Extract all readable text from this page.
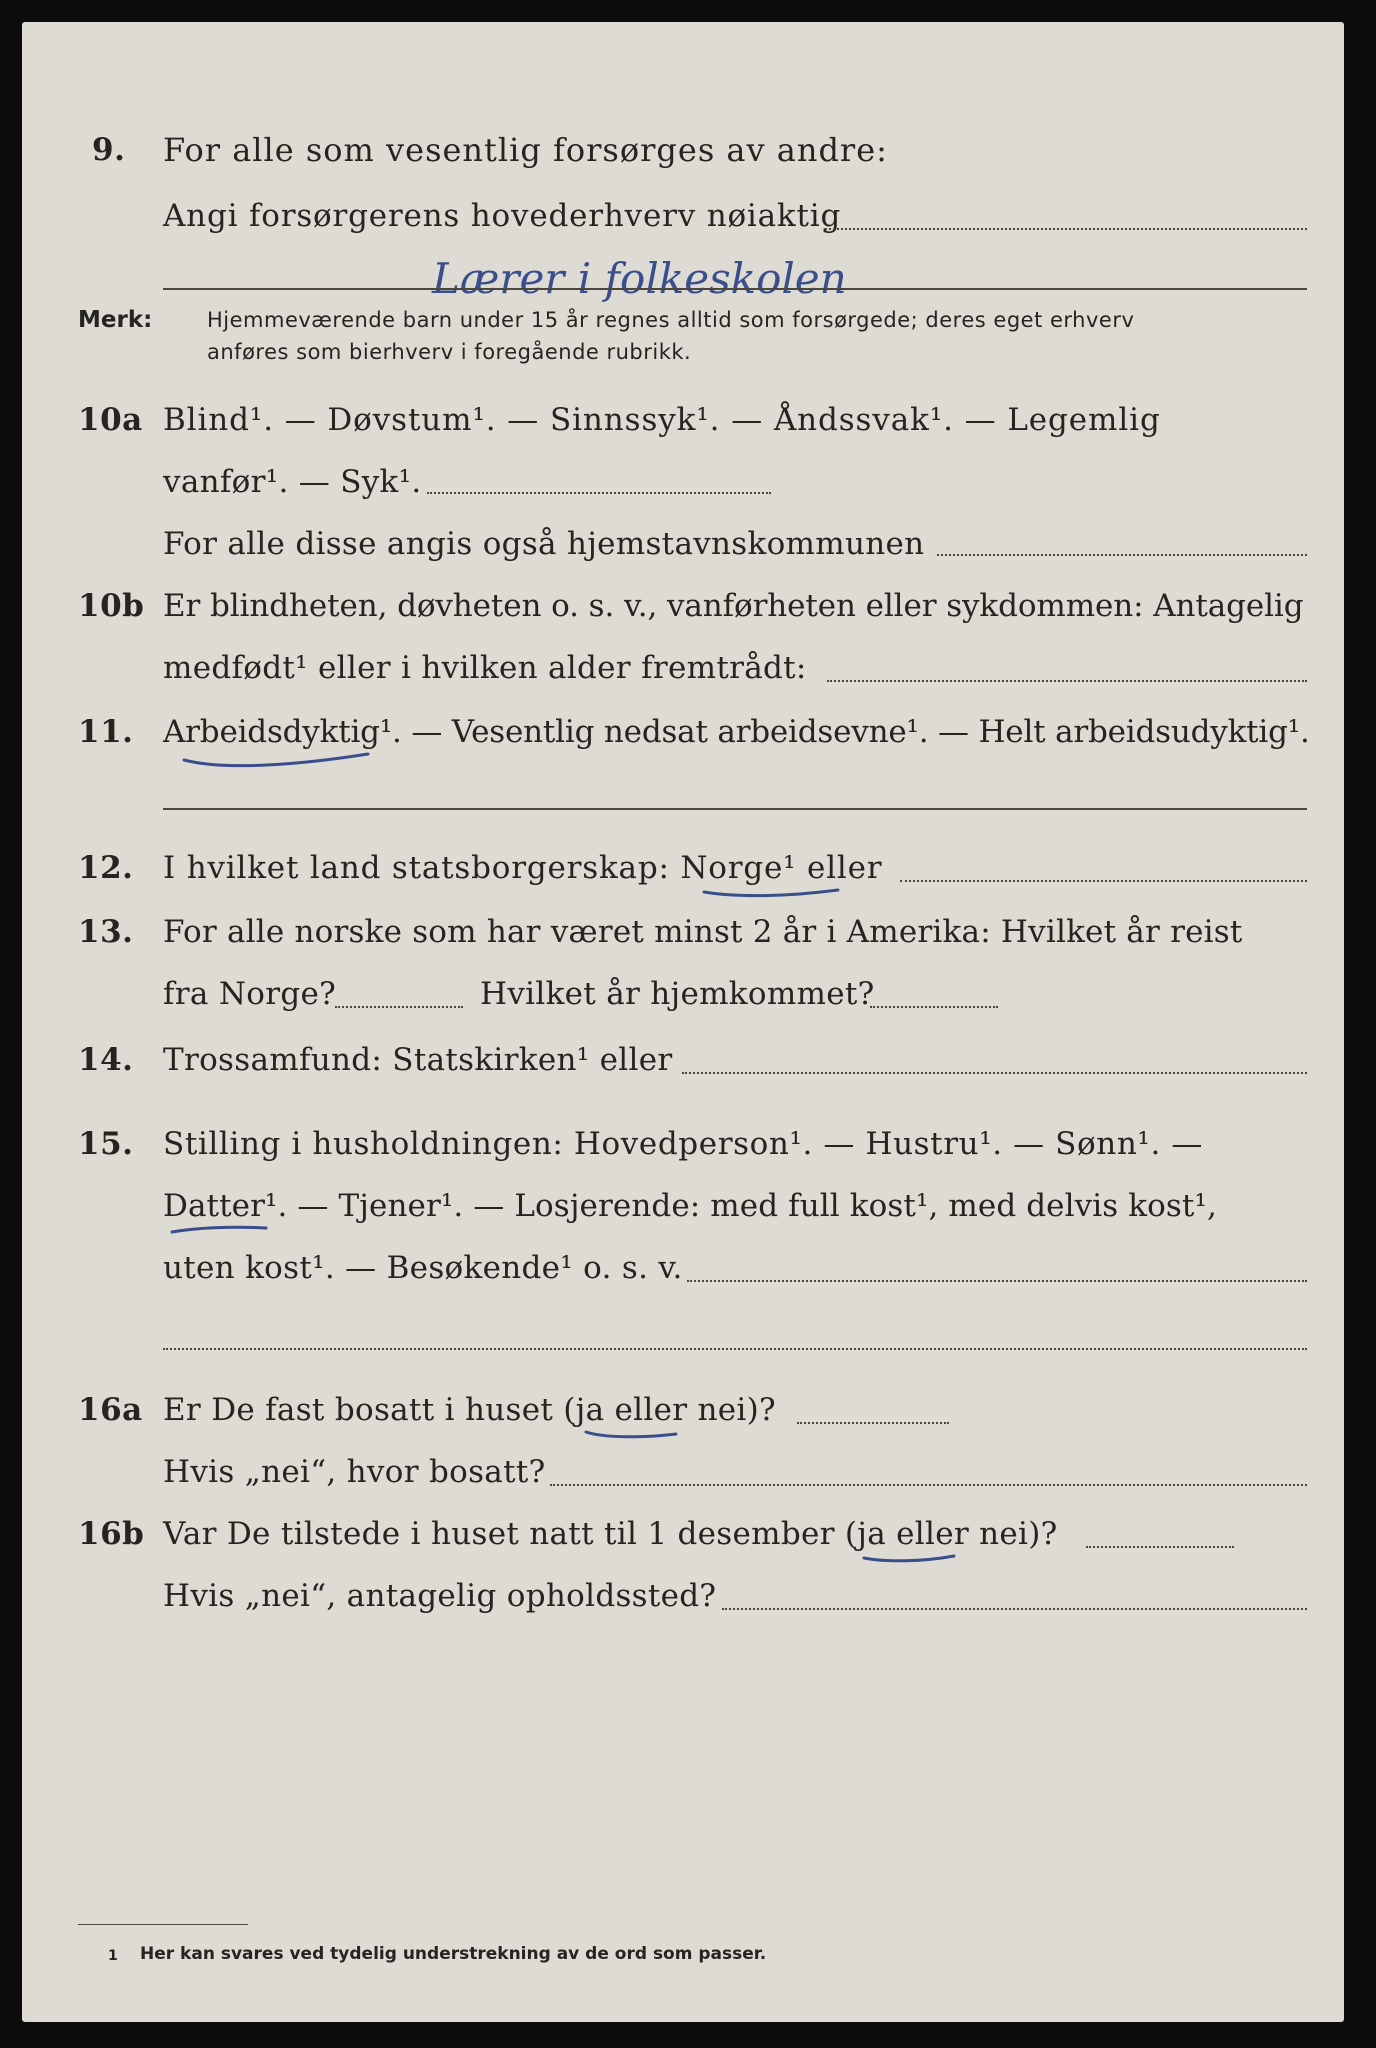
9. For alle som vesentlig forsørges av andre:
Angi forsørgerens hovederhverv nøiaktig
Lærer i folkeskolen
Merk:	Hjemmeværende barn under 15 år regnes alltid som forsørgede; deres eget erhverv
anføres som bierhverv i foregående rubrikk.
10a Blind¹. — Døvstum¹. — Sinnssyk¹. — Åndssvak¹. — Legemlig
vanfør¹. — Syk¹.
For alle disse angis også hjemstavnskommunen
10b Er blindheten, døvheten o. s. v., vanførheten eller sykdommen: Antagelig
medfødt¹ eller i hvilken alder fremtrådt:
11. Arbeidsdyktig¹. — Vesentlig nedsat arbeidsevne¹. — Helt arbeidsudyktig¹.
12. I hvilket land statsborgerskap: Norge¹ eller
13. For alle norske som har været minst 2 år i Amerika: Hvilket år reist
fra Norge?	Hvilket år hjemkommet?
14. Trossamfund: Statskirken¹ eller
15. Stilling i husholdningen: Hovedperson¹. — Hustru¹. — Sønn¹. —
Datter¹. — Tjener¹. — Losjerende: med full kost¹, med delvis kost¹,
uten kost¹. — Besøkende¹ o. s. v.
16a Er De fast bosatt i huset (ja eller nei)?
Hvis „nei“, hvor bosatt?
16b Var De tilstede i huset natt til 1 desember (ja eller nei)?
Hvis „nei“, antagelig opholdssted?
1 Her kan svares ved tydelig understrekning av de ord som passer.
